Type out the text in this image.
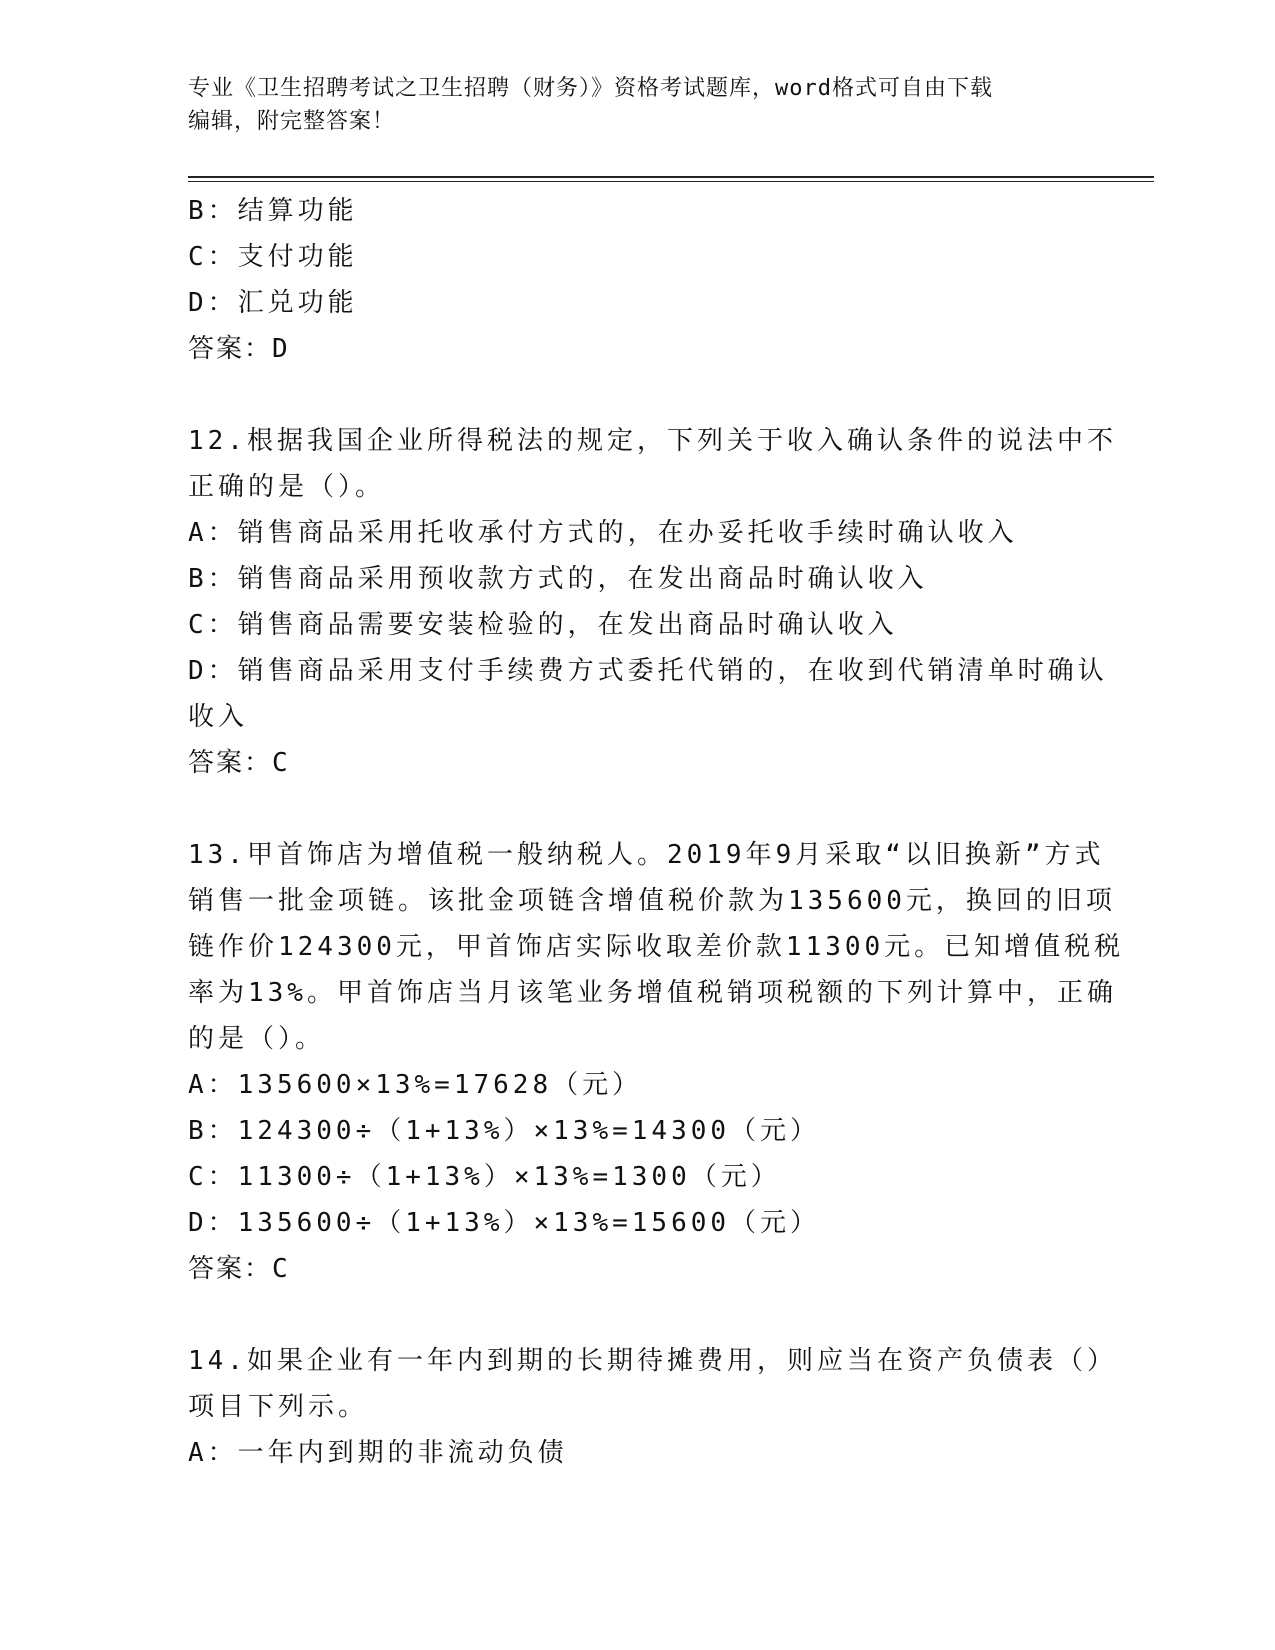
专业《卫生招聘考试之卫生招聘（财务）》资格考试题库，word格式可自由下载
编辑，附完整答案！
B：结算功能
C：支付功能
D：汇兑功能
答案：D
12.根据我国企业所得税法的规定，下列关于收入确认条件的说法中不
正确的是（）。
A：销售商品采用托收承付方式的，在办妥托收手续时确认收入
B：销售商品采用预收款方式的，在发出商品时确认收入
C：销售商品需要安装检验的，在发出商品时确认收入
D：销售商品采用支付手续费方式委托代销的，在收到代销清单时确认
收入
答案：C
13.甲首饰店为增值税一般纳税人。2019年9月采取“以旧换新”方式
销售一批金项链。该批金项链含增值税价款为135600元，换回的旧项
链作价124300元，甲首饰店实际收取差价款11300元。已知增值税税
率为13%。甲首饰店当月该笔业务增值税销项税额的下列计算中，正确
的是（）。
A：135600×13%=17628（元）
B：124300÷（1+13%）×13%=14300（元）
C：11300÷（1+13%）×13%=1300（元）
D：135600÷（1+13%）×13%=15600（元）
答案：C
14.如果企业有一年内到期的长期待摊费用，则应当在资产负债表（）
项目下列示。
A：一年内到期的非流动负债
